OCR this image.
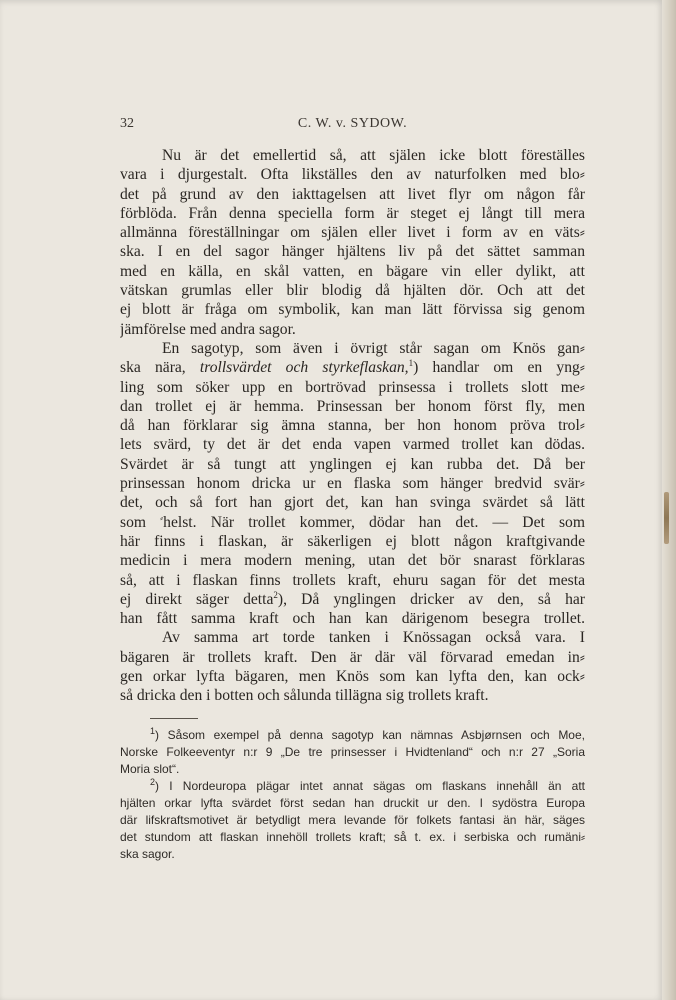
32	C. W. v. SYDOW.
Nu är det emellertid så, att själen icke blott föreställes
vara i djurgestalt. Ofta likställes den av naturfolken med blo⸗
det på grund av den iakttagelsen att livet flyr om någon får
förblöda. Från denna speciella form är steget ej långt till mera
allmänna föreställningar om själen eller livet i form av en väts⸗
ska. I en del sagor hänger hjältens liv på det sättet samman
med en källa, en skål vatten, en bägare vin eller dylikt, att
vätskan grumlas eller blir blodig då hjälten dör. Och att det
ej blott är fråga om symbolik, kan man lätt förvissa sig genom
jämförelse med andra sagor.
En sagotyp, som även i övrigt står sagan om Knös gan⸗
ska nära, trollsvärdet och styrkeflaskan,$^1$) handlar om en yng⸗
ling som söker upp en bortrövad prinsessa i trollets slott me⸗
dan trollet ej är hemma. Prinsessan ber honom först fly, men
då han förklarar sig ämna stanna, ber hon honom pröva trol⸗
lets svärd, ty det är det enda vapen varmed trollet kan dödas.
Svärdet är så tungt att ynglingen ej kan rubba det. Då ber
prinsessan honom dricka ur en flaska som hänger bredvid svär⸗
det, och så fort han gjort det, kan han svinga svärdet så lätt
som ⸗helst. När trollet kommer, dödar han det. — Det som
här finns i flaskan, är säkerligen ej blott någon kraftgivande
medicin i mera modern mening, utan det bör snarast förklaras
så, att i flaskan finns trollets kraft, ehuru sagan för det mesta
ej direkt säger detta$^2$), Då ynglingen dricker av den, så har
han fått samma kraft och han kan därigenom besegra trollet.
Av samma art torde tanken i Knössagan också vara. I
bägaren är trollets kraft. Den är där väl förvarad emedan in⸗
gen orkar lyfta bägaren, men Knös som kan lyfta den, kan ock⸗
så dricka den i botten och sålunda tillägna sig trollets kraft.
$^1$) Såsom exempel på denna sagotyp kan nämnas Asbjørnsen och Moe,
Norske Folkeeventyr n:r 9 „De tre prinsesser i Hvidtenland“ och n:r 27 „Soria
Moria slot“.
$^2$) I Nordeuropa plägar intet annat sägas om flaskans innehåll än att
hjälten orkar lyfta svärdet först sedan han druckit ur den. I sydöstra Europa
där lifskraftsmotivet är betydligt mera levande för folkets fantasi än här, säges
det stundom att flaskan innehöll trollets kraft; så t. ex. i serbiska och rumäni⸗
ska sagor.
